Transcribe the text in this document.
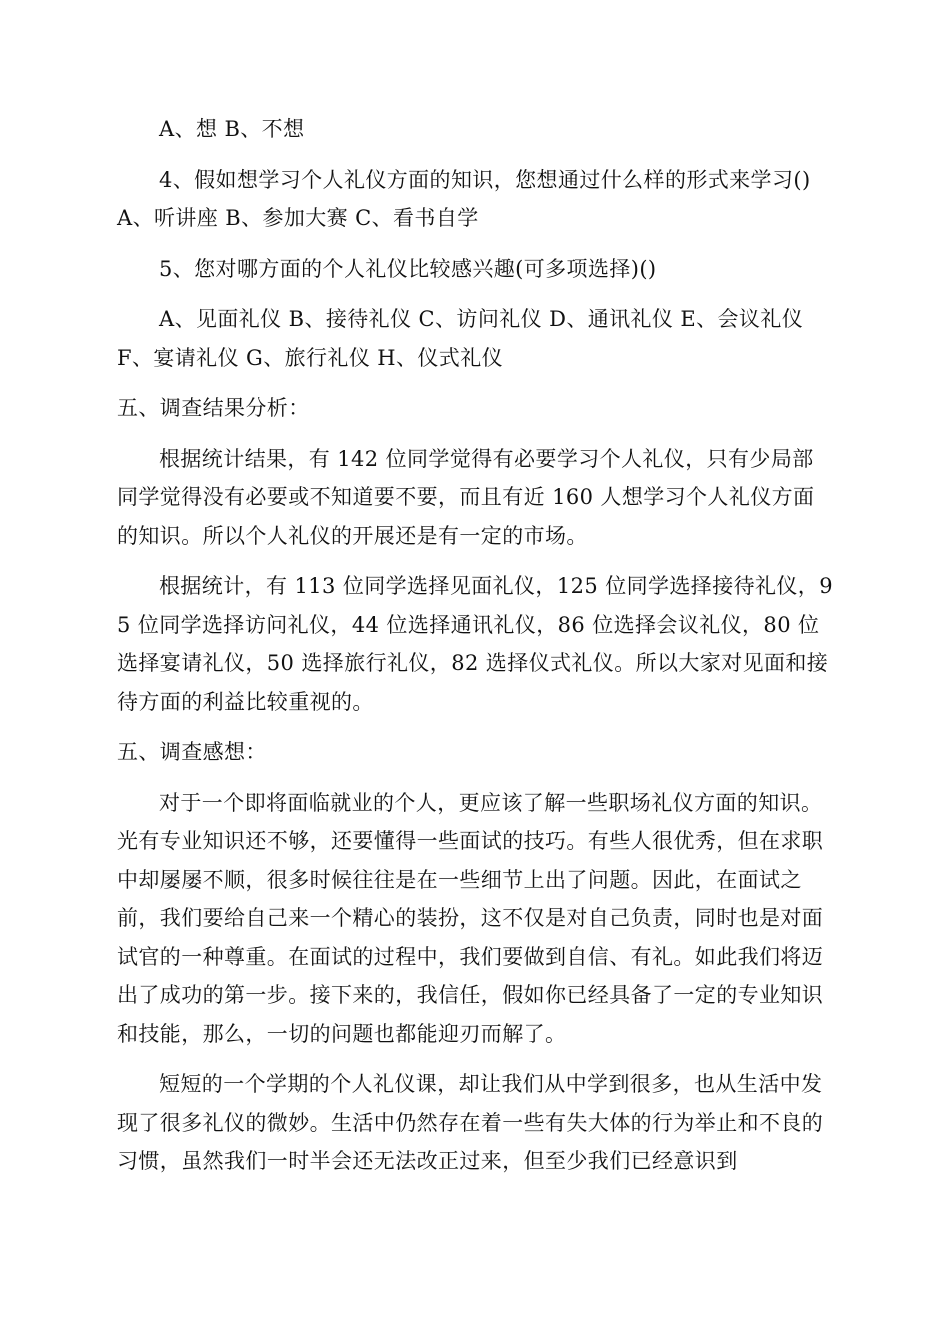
A、想 B、不想

4、假如想学习个人礼仪方面的知识，您想通过什么样的形式来学习()A、听讲座 B、参加大赛 C、看书自学

5、您对哪方面的个人礼仪比较感兴趣(可多项选择)()

A、见面礼仪 B、接待礼仪 C、访问礼仪 D、通讯礼仪 E、会议礼仪 F、宴请礼仪 G、旅行礼仪 H、仪式礼仪

五、调查结果分析：

根据统计结果，有 142 位同学觉得有必要学习个人礼仪，只有少局部同学觉得没有必要或不知道要不要，而且有近 160 人想学习个人礼仪方面的知识。所以个人礼仪的开展还是有一定的市场。

根据统计，有 113 位同学选择见面礼仪，125 位同学选择接待礼仪，95 位同学选择访问礼仪，44 位选择通讯礼仪，86 位选择会议礼仪，80 位选择宴请礼仪，50 选择旅行礼仪，82 选择仪式礼仪。所以大家对见面和接待方面的利益比较重视的。

五、调查感想：

对于一个即将面临就业的个人，更应该了解一些职场礼仪方面的知识。光有专业知识还不够，还要懂得一些面试的技巧。有些人很优秀，但在求职中却屡屡不顺，很多时候往往是在一些细节上出了问题。因此，在面试之前，我们要给自己来一个精心的装扮，这不仅是对自己负责，同时也是对面试官的一种尊重。在面试的过程中，我们要做到自信、有礼。如此我们将迈出了成功的第一步。接下来的，我信任，假如你已经具备了一定的专业知识和技能，那么，一切的问题也都能迎刃而解了。

短短的一个学期的个人礼仪课，却让我们从中学到很多，也从生活中发现了很多礼仪的微妙。生活中仍然存在着一些有失大体的行为举止和不良的习惯，虽然我们一时半会还无法改正过来，但至少我们已经意识到
